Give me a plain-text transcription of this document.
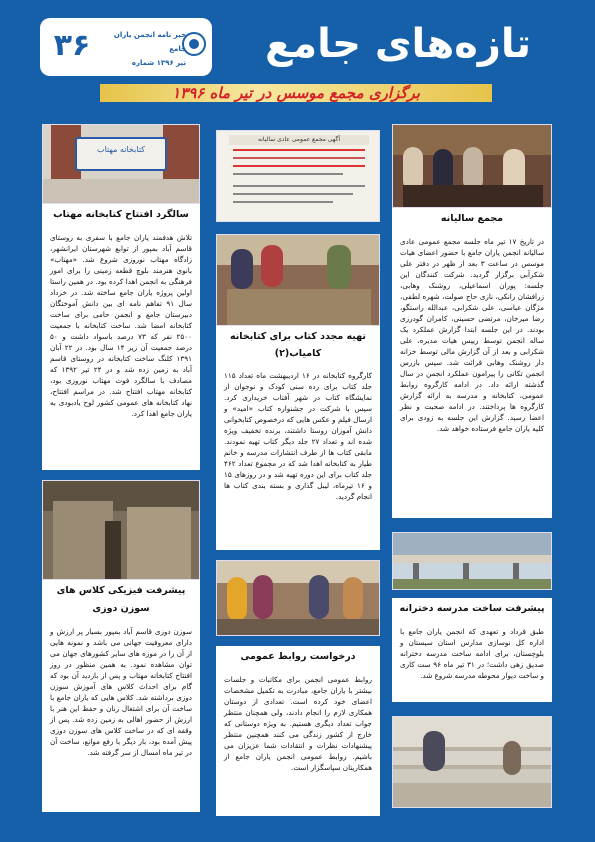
۳۶	خبر نامه انجمن یاران جامع
تیر ۱۳۹۶ شماره	تازه‌های جامع
برگزاری مجمع موسس در تیر ماه ۱۳۹۶
کتابخانه مهتاب
سالگرد افتتاح کتابخانه مهتاب
تلاش هدفمند یاران جامع با سفری به روستای قاسم آباد بمپور از توابع شهرستان ایرانشهر، زادگاه مهتاب نوروزی شروع شد. «مهتاب» بانوی هنرمند بلوچ قطعه زمینی را برای امور فرهنگی به انجمن اهدا کرده بود. در همین راستا اولین پروژه یاران جامع ساخته شد. در خرداد سال ۹۱ تفاهم نامه ای بین دانش آموختگان دبیرستان جامع و انجمن حامی برای ساخت کتابخانه امضا شد. ساخت کتابخانه با جمعیت ۲۵۰۰ نفر که ۷۳ درصد باسواد داشت و ۵۰ درصد جمعیت آن زیر ۱۴ سال بود. در ۲۲ آبان ۱۳۹۱ کلنگ ساخت کتابخانه در روستای قاسم آباد به زمین زده شد و در ۲۴ تیر ۱۳۹۲ که مصادف با سالگرد فوت مهتاب نوروزی بود، کتابخانه مهتاب افتتاح شد. در مراسم افتتاح، نهاد کتابخانه های عمومی کشور لوح یادبودی به یاران جامع اهدا کرد.
پیشرفت فیزیکی کلاس های سوزن دوزی
سوزن دوزی قاسم آباد بمپور بسیار پر ارزش و دارای معروفیت جهانی می باشد و نمونه هایی از آن را در موزه های سایر کشورهای جهان می توان مشاهده نمود. به همین منظور در روز افتتاح کتابخانه مهتاب و پس از بازدید آن بود که گام برای احداث کلاس های آموزش سوزن دوزی برداشته شد. کلاس هایی که یاران جامع با ساخت آن برای اشتغال زنان و حفظ این هنر با ارزش از حضور اهالی به زمین زده شد. پس از وقفه ای که در ساخت کلاس های سوزن دوزی پیش آمده بود، بار دیگر با رفع موانع، ساخت آن در تیر ماه امسال از سر گرفته شد.
آگهی مجمع عمومی عادی سالیانه
تهیه مجدد کتاب برای کتابخانه کامیاب(۲)
کارگروه کتابخانه در ۱۶ اردیبهشت ماه تعداد ۱۱۵ جلد کتاب برای رده سنی کودک و نوجوان از نمایشگاه کتاب در شهر آفتاب خریداری کرد. سپس با شرکت در جشنواره کتاب «امید» و ارسال فیلم و عکس هایی که درخصوص کتابخوانی دانش آموزان روستا داشتند، برنده تخفیف ویژه شده اند و تعداد ۲۷ جلد دیگر کتاب تهیه نمودند. مابقی کتاب ها از طرف انتشارات مدرسه و خانم طیار به کتابخانه اهدا شد که در مجموع تعداد ۴۶۲ جلد کتاب برای این دوره تهیه شد و در روزهای ۱۵ و ۱۶ تیرماه، لیبل گذاری و بسته بندی کتاب ها انجام گردید.
درخواست روابط عمومی
روابط عمومی انجمن برای مکاتبات و جلسات بیشتر با یاران جامع، مبادرت به تکمیل مشخصات اعضای خود کرده است. تعدادی از دوستان همکاری لازم را انجام دادند، ولی همچنان منتظر جواب تعداد دیگری هستیم. به ویژه دوستانی که خارج از کشور زندگی می کنند همچنین منتظر پیشنهادات نظرات و انتقادات شما عزیزان می باشیم. روابط عمومی انجمن یاران جامع از همکاریتان سپاسگزار است.
مجمع سالیانه
در تاریخ ۱۷ تیر ماه جلسه مجمع عمومی عادی سالیانه انجمن یاران جامع با حضور اعضای هیات موسس در ساعت ۳ بعد از ظهر در دفتر علی شکرآبی برگزار گردید. شرکت کنندگان این جلسه: پوران اسماعیلی، روشنک وهابی، زرافشان رانکی، نازی حاج صولت، شهره لطفی، مژگان عباسی، علی شکرابی، عبدالله راستگو، رضا میرخان، مرتضی حسینی، کامران گودرزی بودند. در این جلسه ابتدا گزارش عملکرد یک ساله انجمن توسط رییس هیات مدیره، علی شکرابی و بعد از آن گزارش مالی توسط خزانه دار روشنک وهابی قرائت شد. سپس بازرس انجمن تکاتی را پیرامون عملکرد انجمن در سال گذشته ارائه داد. در ادامه کارگروه روابط عمومی، کتابخانه و مدرسه به ارائه گزارش کارگروه ها پرداختند. در ادامه صحبت و نظر اعضا رسید. گزارش این جلسه به زودی برای کلیه یاران جامع فرستاده خواهد شد.
پیشرفت ساخت مدرسه دخترانه
طبق قرداد و تعهدی که انجمن یاران جامع با اداره کل نوسازی مدارس استان سیستان و بلوچستان، برای ادامه ساخت مدرسه دخترانه صدیق زهی داشت؛ در ۳۱ تیر ماه ۹۶ ست کاری و ساخت دیوار محوطه مدرسه شروع شد.
